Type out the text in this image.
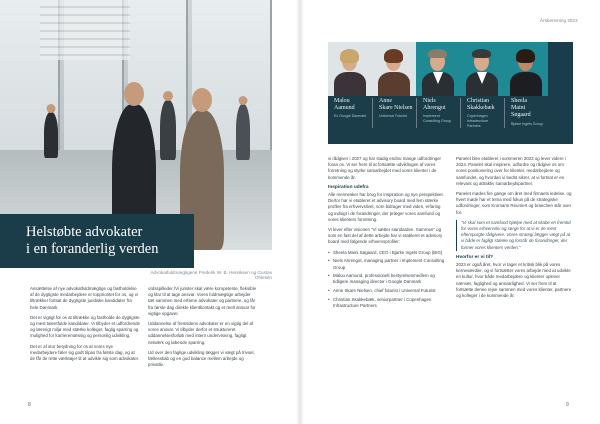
Helstøbte advokater
i en foranderlig verden
Advokatfuldmægtigene Frederik W. B. Henriksen og Gustav Ohlesen

Ansættelse af nye advokatfuldmægtige og fastholdelse af de dygtigste medarbejdere er topprioritet for os, og vi tiltrækker fortsat de dygtigste juridiske kandidater fra hele Danmark.

Det er vigtigt for os at tiltrække og fastholde de dygtigste og mest talentfulde kandidater. Vi tilbyder et udfordrende og lærerigt miljø med stærke kolleger, faglig sparring og mulighed for karrieremæssig og personlig udvikling.

Det er af stor betydning for os at vores nye medarbejdere føler sig godt tilpas fra første dag, og at de får de rette værktøjer til at udvikle sig som advokater.

ordsspilleder./Vi jurister skal være kompetente, fleksible og klar til at tage ansvar. Vores fuldmægtige arbejder tæt sammen med erfarne advokater og partnere, og får fra første dag direkte klientkontakt og et reelt ansvar for vigtige opgaver.

Uddannelse af fremtidens advokater er en vigtig del af vores ansvar. Vi tilbyder derfor et struktureret uddannelsesforløb med intern undervisning, fagligt netværk og løbende sparring.

Ud over den faglige udvikling lægger vi vægt på trivsel, fællesskab og en god balance mellem arbejde og privatliv.

8
Årsberetning 2023
Malou
Aamund
Ex Google Danmark
Anne
Skare Nielsen
Universal Futurist
Niels
Ahrengot
Implement Consulting Group
Christian
Skakkebæk
Copenhagen Infrastructure Partners
Sheela
Maini Søgaard
Bjarke Ingels Group

vi rådgiver i 2027 og har stadig endnu mange udfordringer foran os. Vi ser frem til at fortsætte udviklingen af vores forretning og styrke samarbejdet med vores klienter i de kommende år.

Inspiration udefra

Alle mennesker har brug for inspiration og nye perspektiver. Derfor har vi etableret et advisory board med fem stærke profiler fra erhvervslivet, som bidrager med viden, erfaring og indsigt i de forandringer, der præger vores samfund og vores klienters forretning.

Vi lever efter visionen "Vi sætter standarden. Sammen" og som en fast del af dette arbejde har vi etableret et advisory board med følgende erhvervsprofiler:

• Sheela Maini Søgaard, CEO i Bjarke Ingels Group (BIG)
• Niels Ahrengot, managing partner i Implement Consulting Group
• Malou Aamund, professionelt bestyrelsesmedlem og tidligere managing director i Google Danmark
• Anne Skare Nielsen, chief futurist i Universal Futurist
• Christian Skakkebæk, seniorpartner i Copenhagen Infrastructure Partners

Panelet blev etableret i sommeren 2023 og lever videre i 2024. Panelet skal inspirere, udfordre og rådgive os om vores positionering over for klienter, medarbejdere og samfundet, og hvordan vi bedst sikrer, at vi fortsat er en relevant og attraktiv samarbejdspartner.

Panelet mødes fire gange om året med firmaets ledelse, og hvert møde har et tema med fokus på de strategiske udfordringer, som Kromann Reumert og branchen står over for.

"Vi skal som et samfund hjælpe med at skabe en fremtid for vores erhvervsliv og sørge for at vi er de mest efterspurgte rådgivere. Vores strategi lægger vægt på at vi både er fagligt stærke og forstår de forandringer, der former vores klienters verden."

Hvorfor er vi til?

2023 er også året, hvor vi tager et kritisk blik på vores kerneværdier, og vi fortsætter vores arbejde med at udvikle en kultur, hvor både medarbejdere og klienter oplever nærvær, faglighed og ansvarlighed. Vi ser frem til at fortsætte denne rejse sammen med vores klienter, partnere og kolleger i de kommende år.

9
